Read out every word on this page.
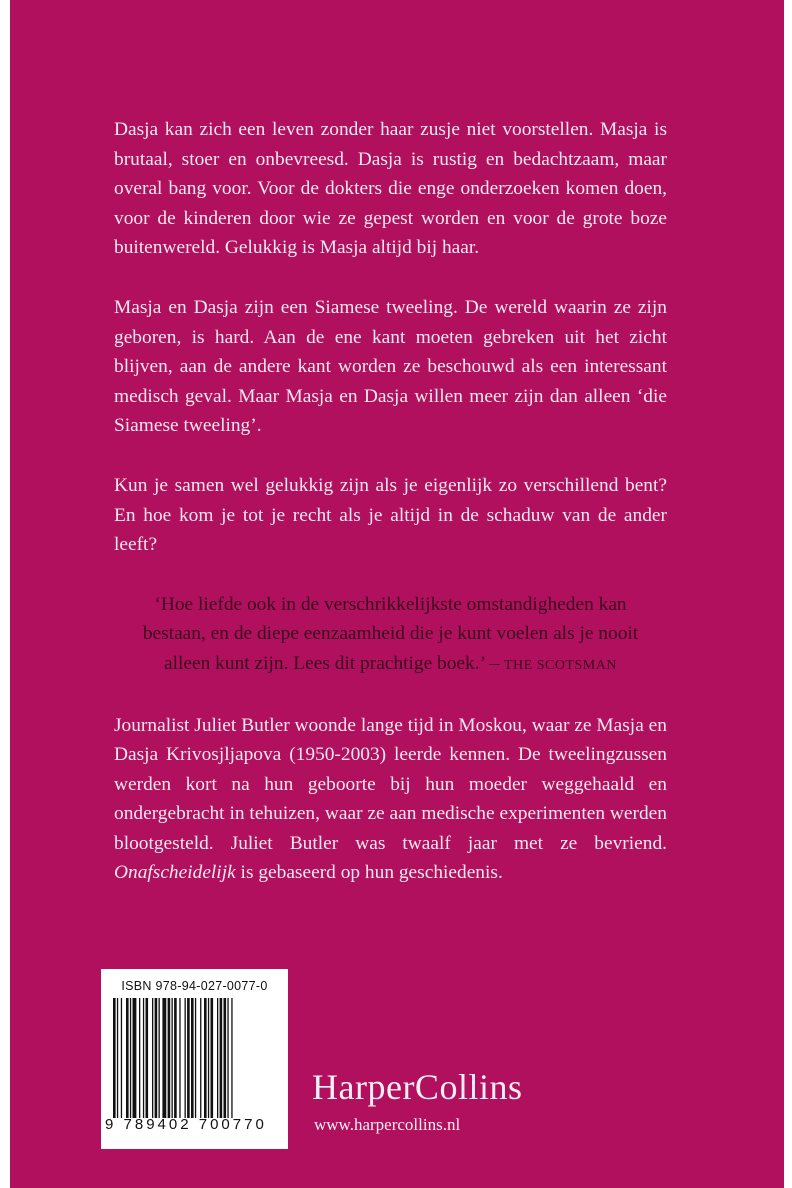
Dasja kan zich een leven zonder haar zusje niet voorstellen. Masja is brutaal, stoer en onbevreesd. Dasja is rustig en bedachtzaam, maar overal bang voor. Voor de dokters die enge onderzoeken komen doen, voor de kinderen door wie ze gepest worden en voor de grote boze buitenwereld. Gelukkig is Masja altijd bij haar.

Masja en Dasja zijn een Siamese tweeling. De wereld waarin ze zijn geboren, is hard. Aan de ene kant moeten gebreken uit het zicht blijven, aan de andere kant worden ze beschouwd als een interessant medisch geval. Maar Masja en Dasja willen meer zijn dan alleen ‘die Siamese tweeling’.

Kun je samen wel gelukkig zijn als je eigenlijk zo verschillend bent? En hoe kom je tot je recht als je altijd in de schaduw van de ander leeft?

‘Hoe liefde ook in de verschrikkelijkste omstandigheden kan
bestaan, en de diepe eenzaamheid die je kunt voelen als je nooit
alleen kunt zijn. Lees dit prachtige boek.’ – THE SCOTSMAN

Journalist Juliet Butler woonde lange tijd in Moskou, waar ze Masja en Dasja Krivosjljapova (1950-2003) leerde kennen. De tweelingzussen werden kort na hun geboorte bij hun moeder weggehaald en ondergebracht in tehuizen, waar ze aan medische experimenten werden blootgesteld. Juliet Butler was twaalf jaar met ze bevriend. Onafscheidelijk is gebaseerd op hun geschiedenis.

ISBN 978-94-027-0077-0
9 789402 700770
HarperCollins
www.harpercollins.nl
